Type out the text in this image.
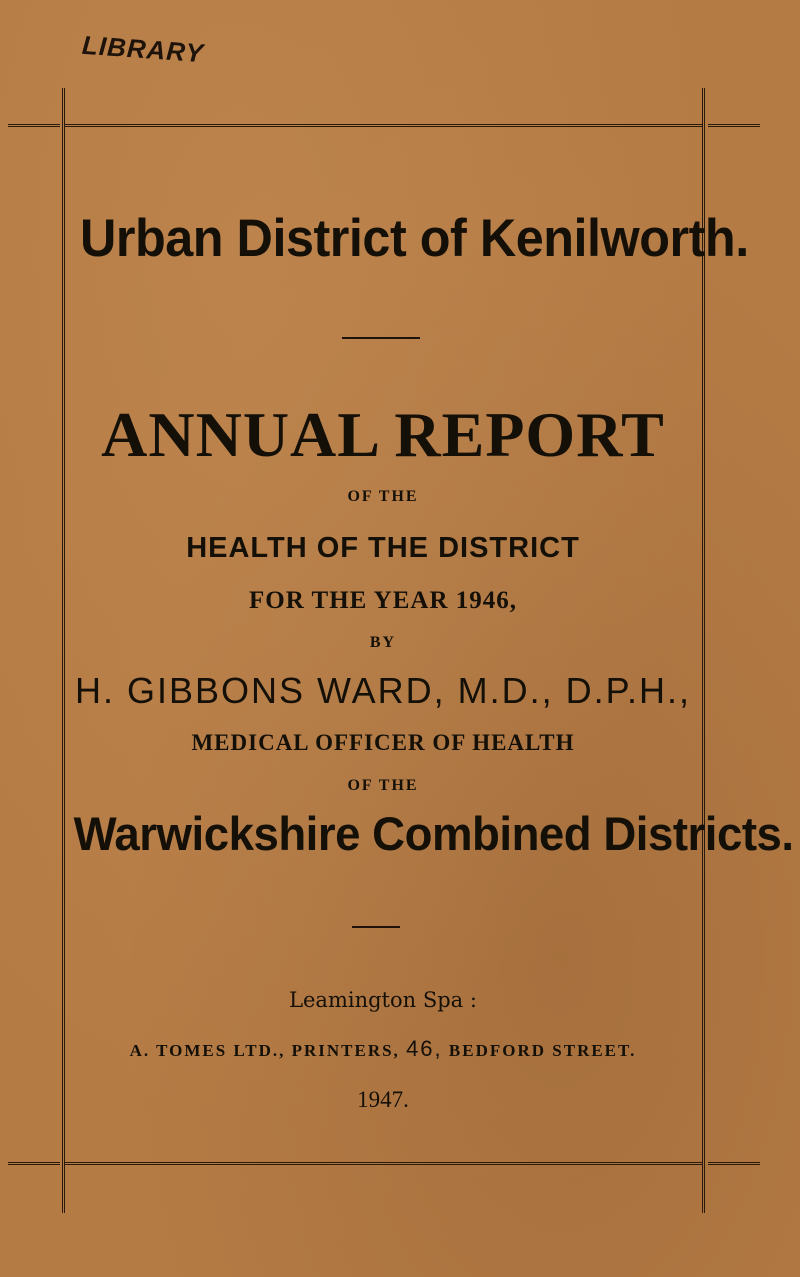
LIBRARY
Urban District of Kenilworth.
ANNUAL REPORT
OF THE
HEALTH OF THE DISTRICT
FOR THE YEAR 1946,
BY
H. GIBBONS WARD, M.D., D.P.H.,
MEDICAL OFFICER OF HEALTH
OF THE
Warwickshire Combined Districts.
Leamington Spa :
A. TOMES LTD., PRINTERS, 46, BEDFORD STREET.
1947.
